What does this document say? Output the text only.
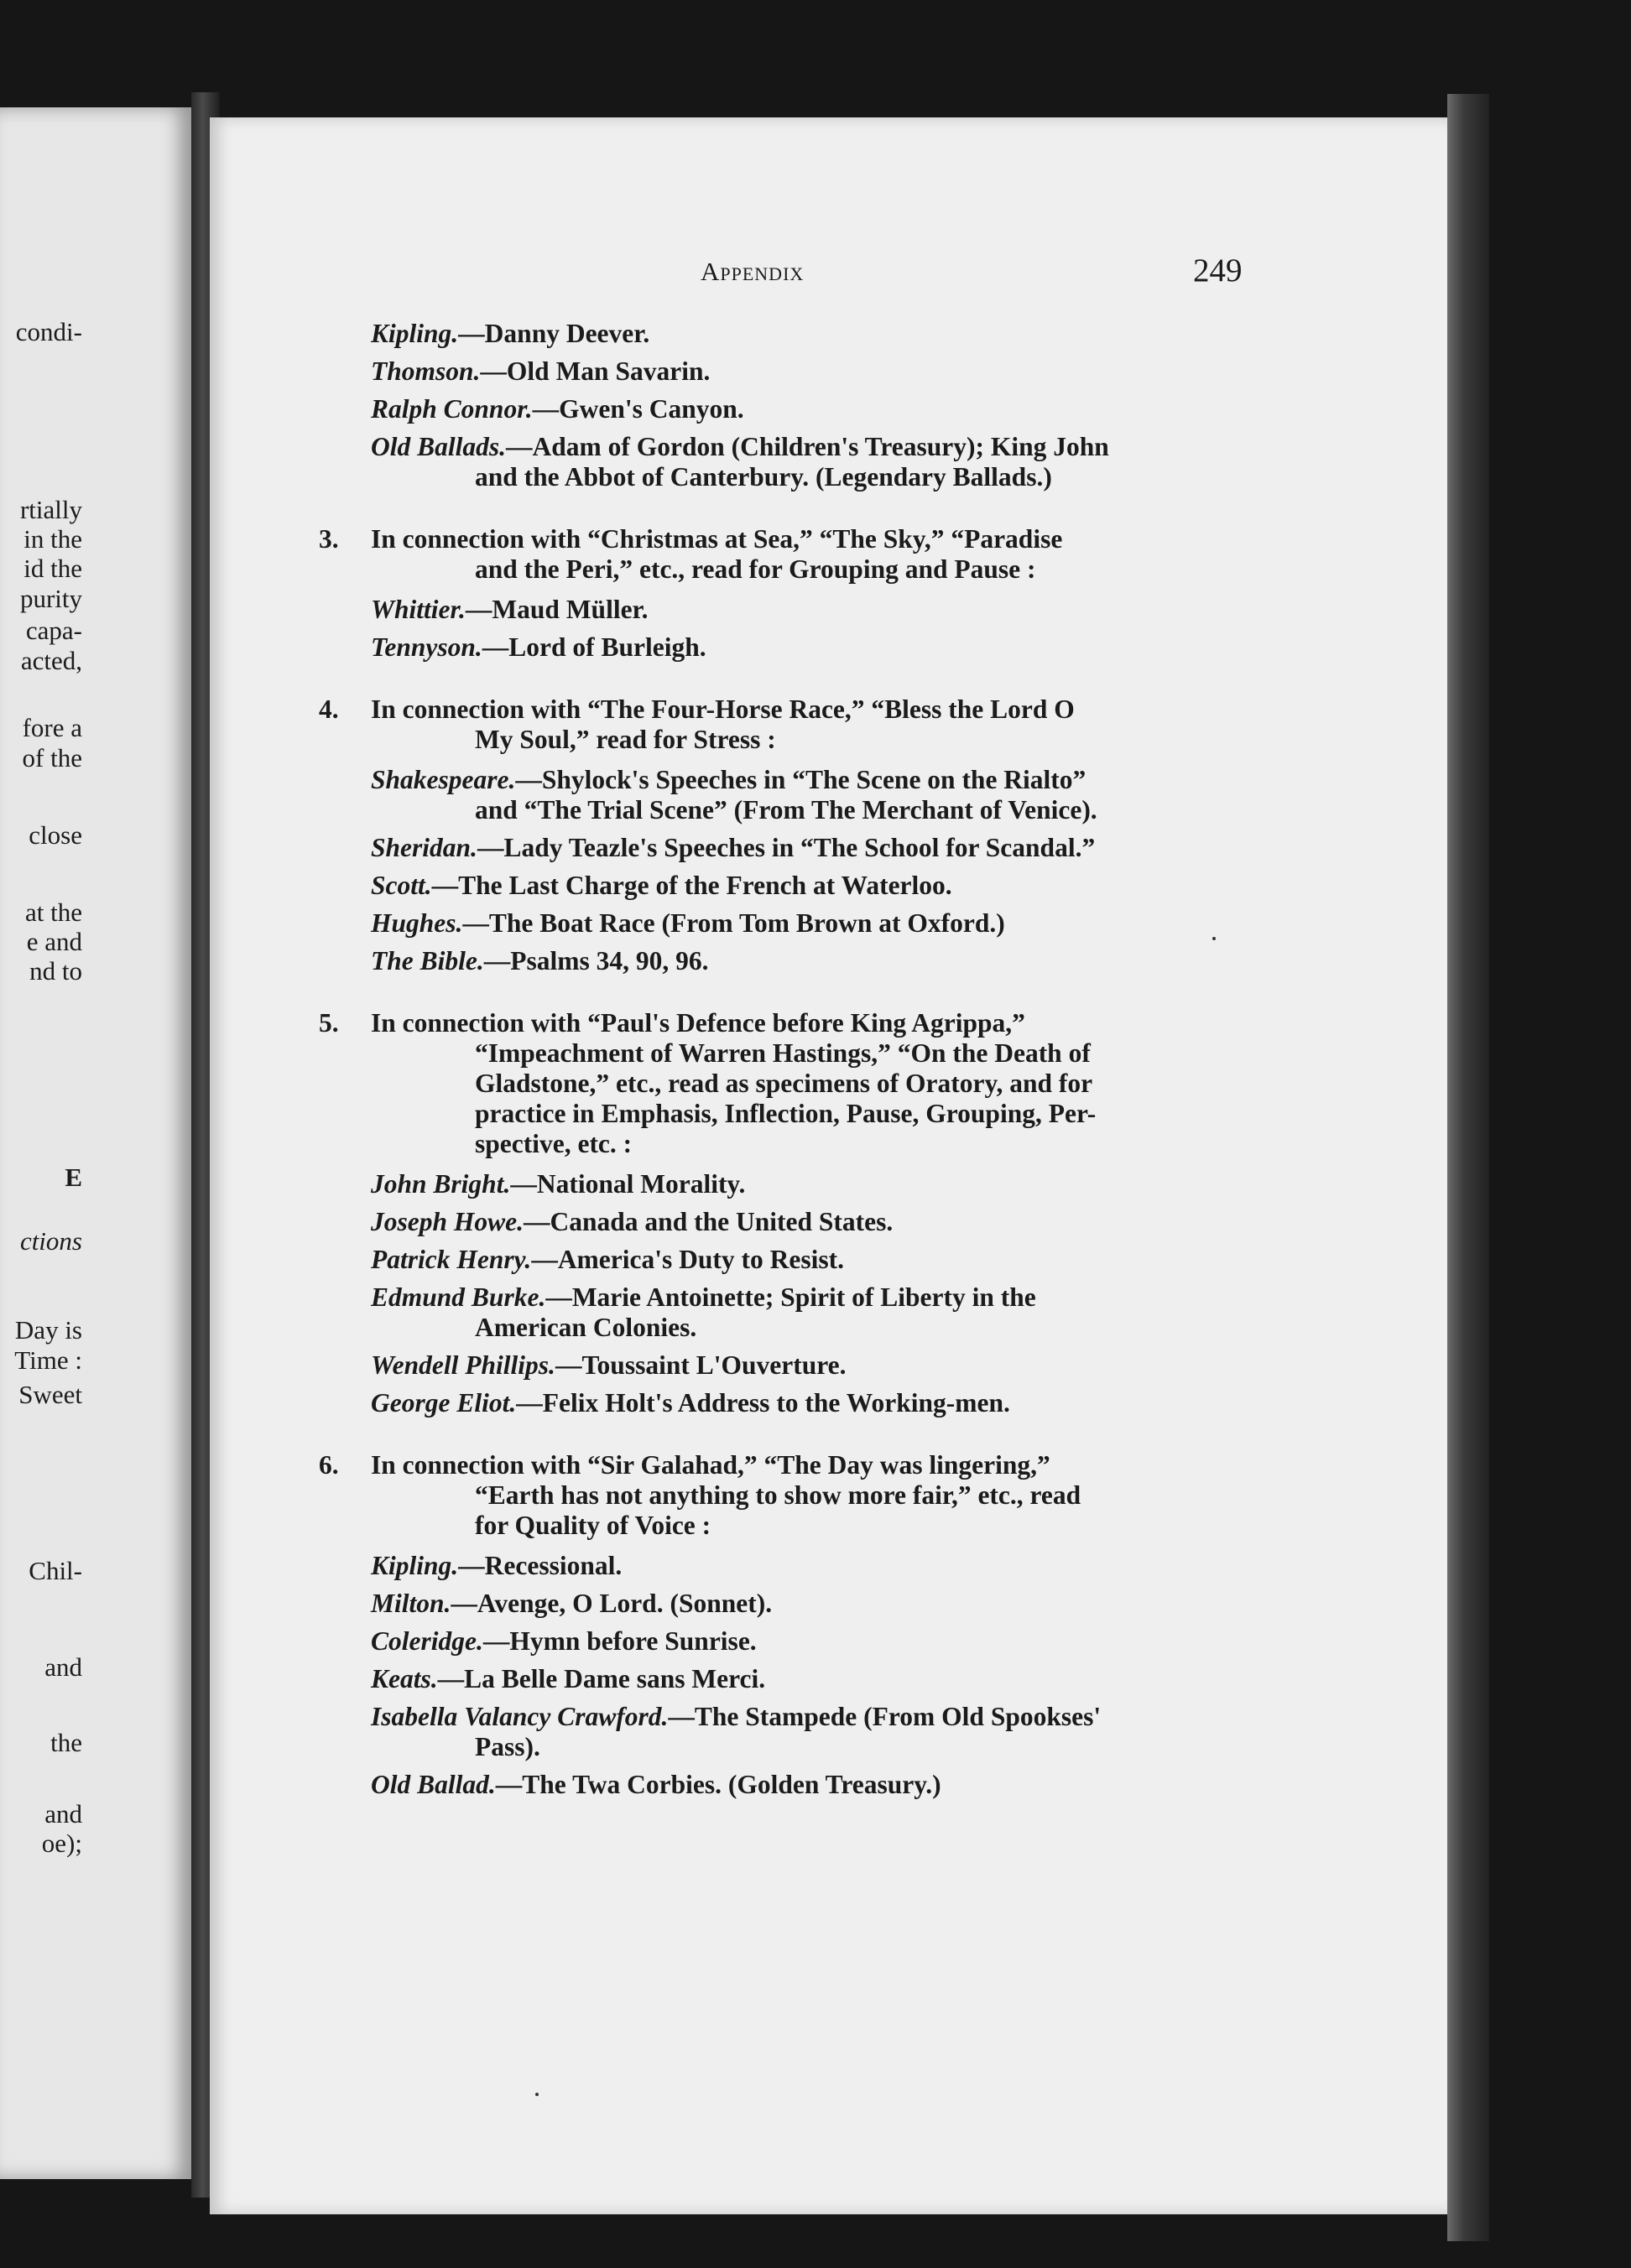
condi-
rtially
in the
id the
purity
capa-
acted,
fore a
of the
close
at the
e and
nd to
E
ctions
Day is
Time :
Sweet
Chil-
and
the
and
oe);
Appendix	249
Kipling.—Danny Deever.
Thomson.—Old Man Savarin.
Ralph Connor.—Gwen's Canyon.
Old Ballads.—Adam of Gordon (Children's Treasury); King John
and the Abbot of Canterbury. (Legendary Ballads.)
3. In connection with “Christmas at Sea,” “The Sky,” “Paradise
and the Peri,” etc., read for Grouping and Pause :
Whittier.—Maud Müller.
Tennyson.—Lord of Burleigh.
4. In connection with “The Four-Horse Race,” “Bless the Lord O
My Soul,” read for Stress :
Shakespeare.—Shylock's Speeches in “The Scene on the Rialto”
and “The Trial Scene” (From The Merchant of Venice).
Sheridan.—Lady Teazle's Speeches in “The School for Scandal.”
Scott.—The Last Charge of the French at Waterloo.
Hughes.—The Boat Race (From Tom Brown at Oxford.)
The Bible.—Psalms 34, 90, 96.
5. In connection with “Paul's Defence before King Agrippa,”
“Impeachment of Warren Hastings,” “On the Death of
Gladstone,” etc., read as specimens of Oratory, and for
practice in Emphasis, Inflection, Pause, Grouping, Per-
spective, etc. :
John Bright.—National Morality.
Joseph Howe.—Canada and the United States.
Patrick Henry.—America's Duty to Resist.
Edmund Burke.—Marie Antoinette; Spirit of Liberty in the
American Colonies.
Wendell Phillips.—Toussaint L'Ouverture.
George Eliot.—Felix Holt's Address to the Working-men.
6. In connection with “Sir Galahad,” “The Day was lingering,”
“Earth has not anything to show more fair,” etc., read
for Quality of Voice :
Kipling.—Recessional.
Milton.—Avenge, O Lord. (Sonnet).
Coleridge.—Hymn before Sunrise.
Keats.—La Belle Dame sans Merci.
Isabella Valancy Crawford.—The Stampede (From Old Spookses'
Pass).
Old Ballad.—The Twa Corbies. (Golden Treasury.)
